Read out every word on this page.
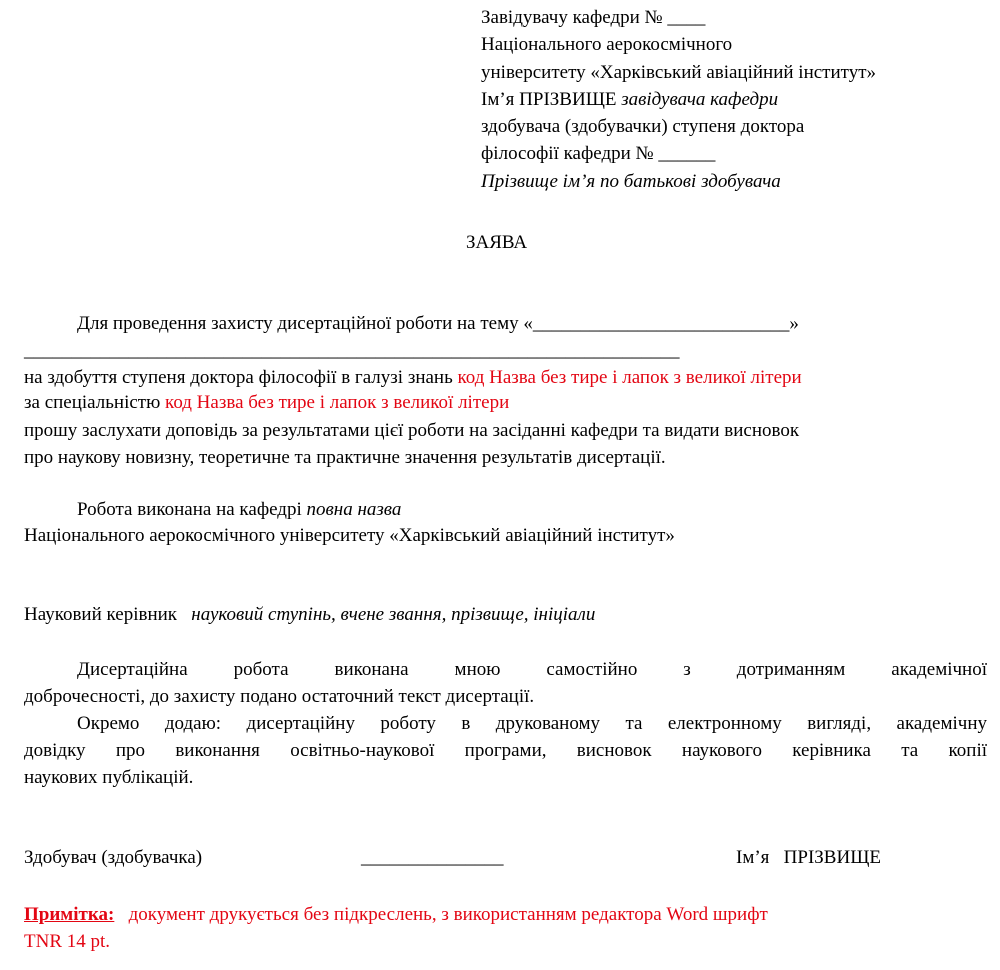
Завідувачу кафедри № ____
Національного аерокосмічного
університету «Харківський авіаційний інститут»
Ім’я ПРІЗВИЩЕ завідувача кафедри
здобувача (здобувачки) ступеня доктора
філософії кафедри № ______
Прізвище ім’я по батькові здобувача
ЗАЯВА
Для проведення захисту дисертаційної роботи на тему «___________________________»
_____________________________________________________________________
на здобуття ступеня доктора філософії в галузі знань код Назва без тире і лапок з великої літери
за спеціальністю код Назва без тире і лапок з великої літери
прошу заслухати доповідь за результатами цієї роботи на засіданні кафедри та видати висновок
про наукову новизну, теоретичне та практичне значення результатів дисертації.
Робота виконана на кафедрі повна назва
Національного аерокосмічного університету «Харківський авіаційний інститут»
Науковий керівник науковий ступінь, вчене звання, прізвище, ініціали
Дисертаційна робота виконана мною самостійно з дотриманням академічної
доброчесності, до захисту подано остаточний текст дисертації.
Окремо додаю: дисертаційну роботу в друкованому та електронному вигляді, академічну
довідку про виконання освітньо-наукової програми, висновок наукового керівника та копії
наукових публікацій.
Здобувач (здобувачка)	_______________	Ім’я   ПРІЗВИЩЕ
Примітка: документ друкується без підкреслень, з використанням редактора Word шрифт
TNR 14 pt.
